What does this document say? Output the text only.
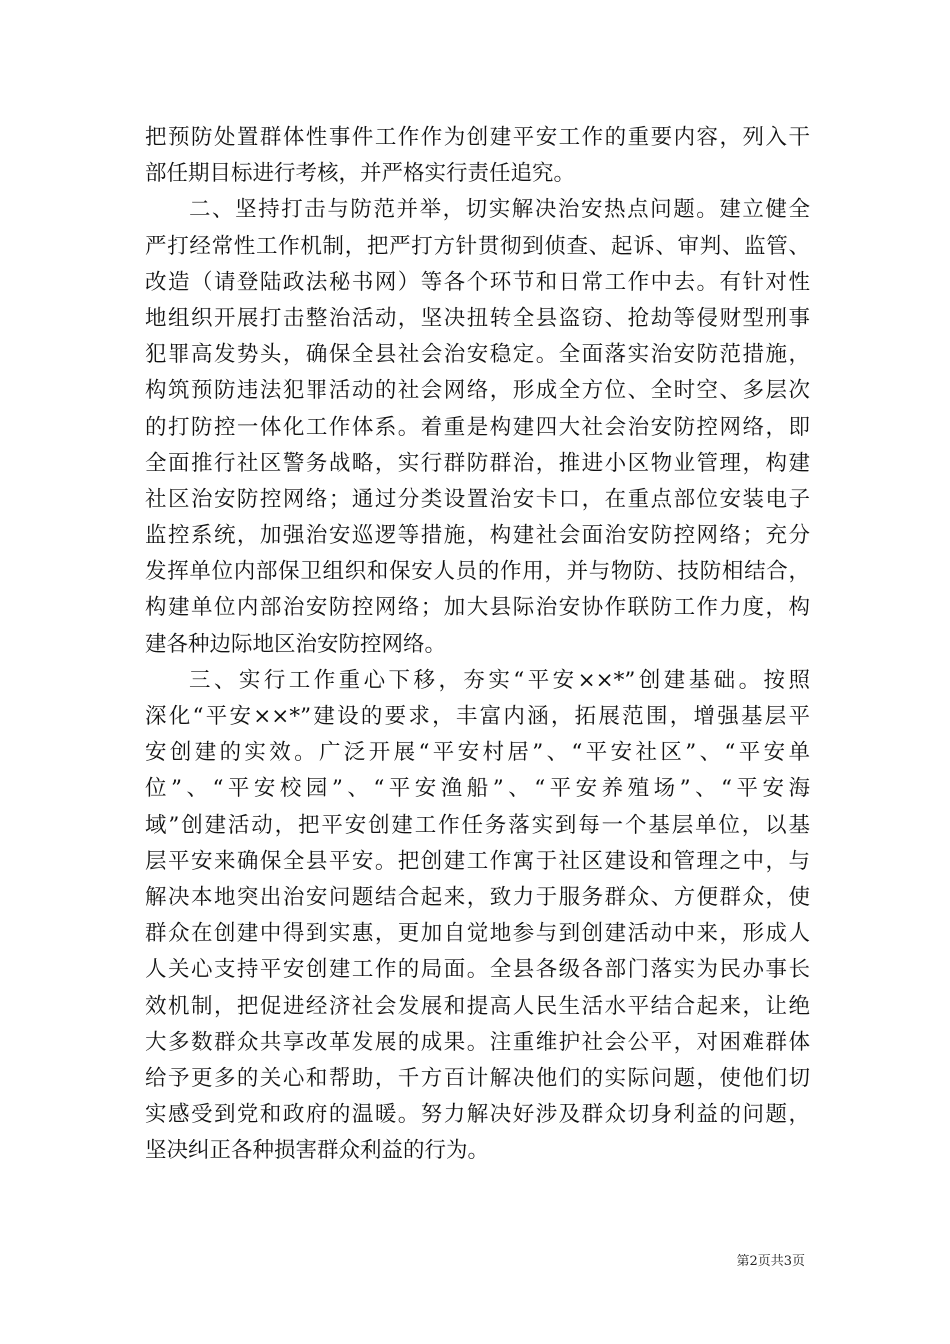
把预防处置群体性事件工作作为创建平安工作的重要内容，列入干
部任期目标进行考核，并严格实行责任追究。
二、坚持打击与防范并举，切实解决治安热点问题。建立健全
严打经常性工作机制，把严打方针贯彻到侦查、起诉、审判、监管、
改造（请登陆政法秘书网）等各个环节和日常工作中去。有针对性
地组织开展打击整治活动，坚决扭转全县盗窃、抢劫等侵财型刑事
犯罪高发势头，确保全县社会治安稳定。全面落实治安防范措施，
构筑预防违法犯罪活动的社会网络，形成全方位、全时空、多层次
的打防控一体化工作体系。着重是构建四大社会治安防控网络，即
全面推行社区警务战略，实行群防群治，推进小区物业管理，构建
社区治安防控网络；通过分类设置治安卡口，在重点部位安装电子
监控系统，加强治安巡逻等措施，构建社会面治安防控网络；充分
发挥单位内部保卫组织和保安人员的作用，并与物防、技防相结合，
构建单位内部治安防控网络；加大县际治安协作联防工作力度，构
建各种边际地区治安防控网络。
三、实行工作重心下移，夯实“平安××*”创建基础。按照
深化“平安××*”建设的要求，丰富内涵，拓展范围，增强基层平
安创建的实效。广泛开展“平安村居”、“平安社区”、“平安单
位”、“平安校园”、“平安渔船”、“平安养殖场”、“平安海
域”创建活动，把平安创建工作任务落实到每一个基层单位，以基
层平安来确保全县平安。把创建工作寓于社区建设和管理之中，与
解决本地突出治安问题结合起来，致力于服务群众、方便群众，使
群众在创建中得到实惠，更加自觉地参与到创建活动中来，形成人
人关心支持平安创建工作的局面。全县各级各部门落实为民办事长
效机制，把促进经济社会发展和提高人民生活水平结合起来，让绝
大多数群众共享改革发展的成果。注重维护社会公平，对困难群体
给予更多的关心和帮助，千方百计解决他们的实际问题，使他们切
实感受到党和政府的温暖。努力解决好涉及群众切身利益的问题，
坚决纠正各种损害群众利益的行为。
第2页共3页
